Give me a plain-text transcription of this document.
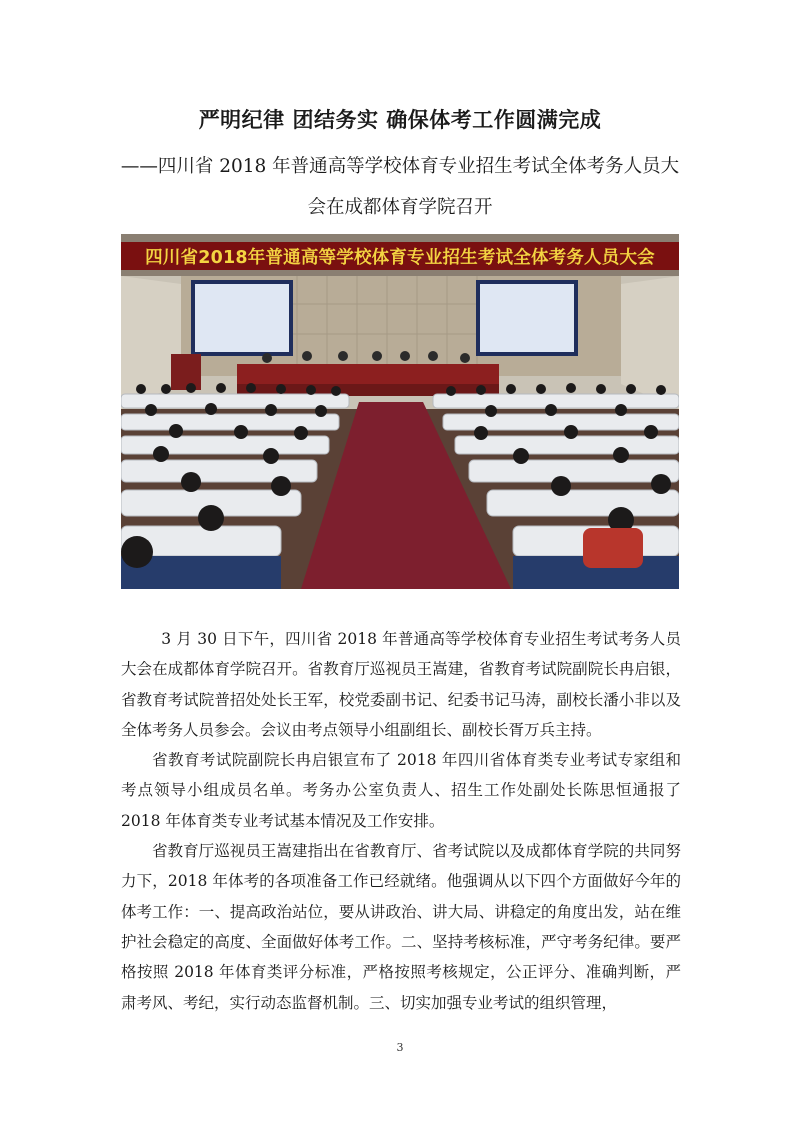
严明纪律 团结务实 确保体考工作圆满完成
——四川省 2018 年普通高等学校体育专业招生考试全体考务人员大会在成都体育学院召开
四川省2018年普通高等学校体育专业招生考试全体考务人员大会

3 月 30 日下午，四川省 2018 年普通高等学校体育专业招生考试考务人员大会在成都体育学院召开。省教育厅巡视员王嵩建，省教育考试院副院长冉启银，省教育考试院普招处处长王军，校党委副书记、纪委书记马涛，副校长潘小非以及全体考务人员参会。会议由考点领导小组副组长、副校长胥万兵主持。

省教育考试院副院长冉启银宣布了 2018 年四川省体育类专业考试专家组和考点领导小组成员名单。考务办公室负责人、招生工作处副处长陈思恒通报了 2018 年体育类专业考试基本情况及工作安排。

省教育厅巡视员王嵩建指出在省教育厅、省考试院以及成都体育学院的共同努力下，2018 年体考的各项准备工作已经就绪。他强调从以下四个方面做好今年的体考工作：一、提高政治站位，要从讲政治、讲大局、讲稳定的角度出发，站在维护社会稳定的高度、全面做好体考工作。二、坚持考核标准，严守考务纪律。要严格按照 2018 年体育类评分标准，严格按照考核规定，公正评分、准确判断，严肃考风、考纪，实行动态监督机制。三、切实加强专业考试的组织管理，

3
